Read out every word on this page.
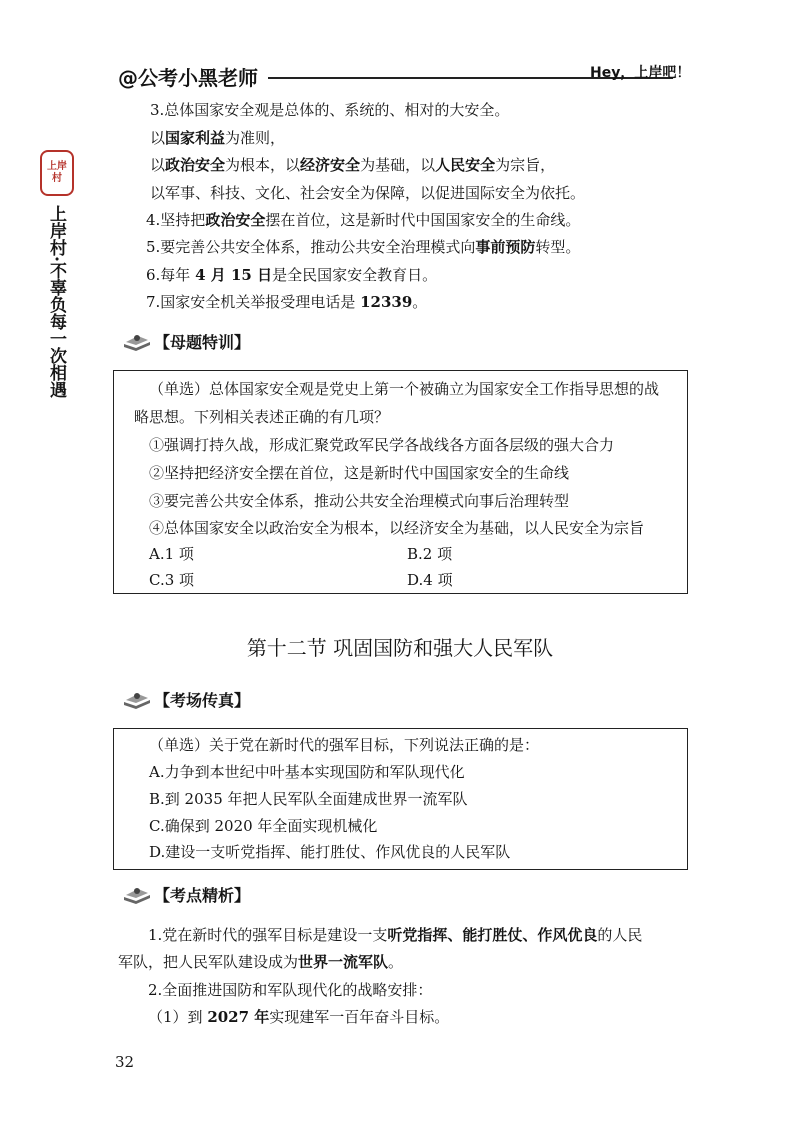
@公考小黑老师	Hey，上岸吧！
上岸
村
上岸村·不辜负每一次相遇
3.总体国家安全观是总体的、系统的、相对的大安全。
以国家利益为准则，
以政治安全为根本，以经济安全为基础，以人民安全为宗旨，
以军事、科技、文化、社会安全为保障，以促进国际安全为依托。
4.坚持把政治安全摆在首位，这是新时代中国国家安全的生命线。
5.要完善公共安全体系，推动公共安全治理模式向事前预防转型。
6.每年 4 月 15 日是全民国家安全教育日。
7.国家安全机关举报受理电话是 12339。
【母题特训】
（单选）总体国家安全观是党史上第一个被确立为国家安全工作指导思想的战
略思想。下列相关表述正确的有几项？
①强调打持久战，形成汇聚党政军民学各战线各方面各层级的强大合力
②坚持把经济安全摆在首位，这是新时代中国国家安全的生命线
③要完善公共安全体系，推动公共安全治理模式向事后治理转型
④总体国家安全以政治安全为根本，以经济安全为基础，以人民安全为宗旨
A.1 项	B.2 项
C.3 项	D.4 项
第十二节 巩固国防和强大人民军队
【考场传真】
（单选）关于党在新时代的强军目标，下列说法正确的是：
A.力争到本世纪中叶基本实现国防和军队现代化
B.到 2035 年把人民军队全面建成世界一流军队
C.确保到 2020 年全面实现机械化
D.建设一支听党指挥、能打胜仗、作风优良的人民军队
【考点精析】
1.党在新时代的强军目标是建设一支听党指挥、能打胜仗、作风优良的人民
军队，把人民军队建设成为世界一流军队。
2.全面推进国防和军队现代化的战略安排：
（1）到 2027 年实现建军一百年奋斗目标。
32
